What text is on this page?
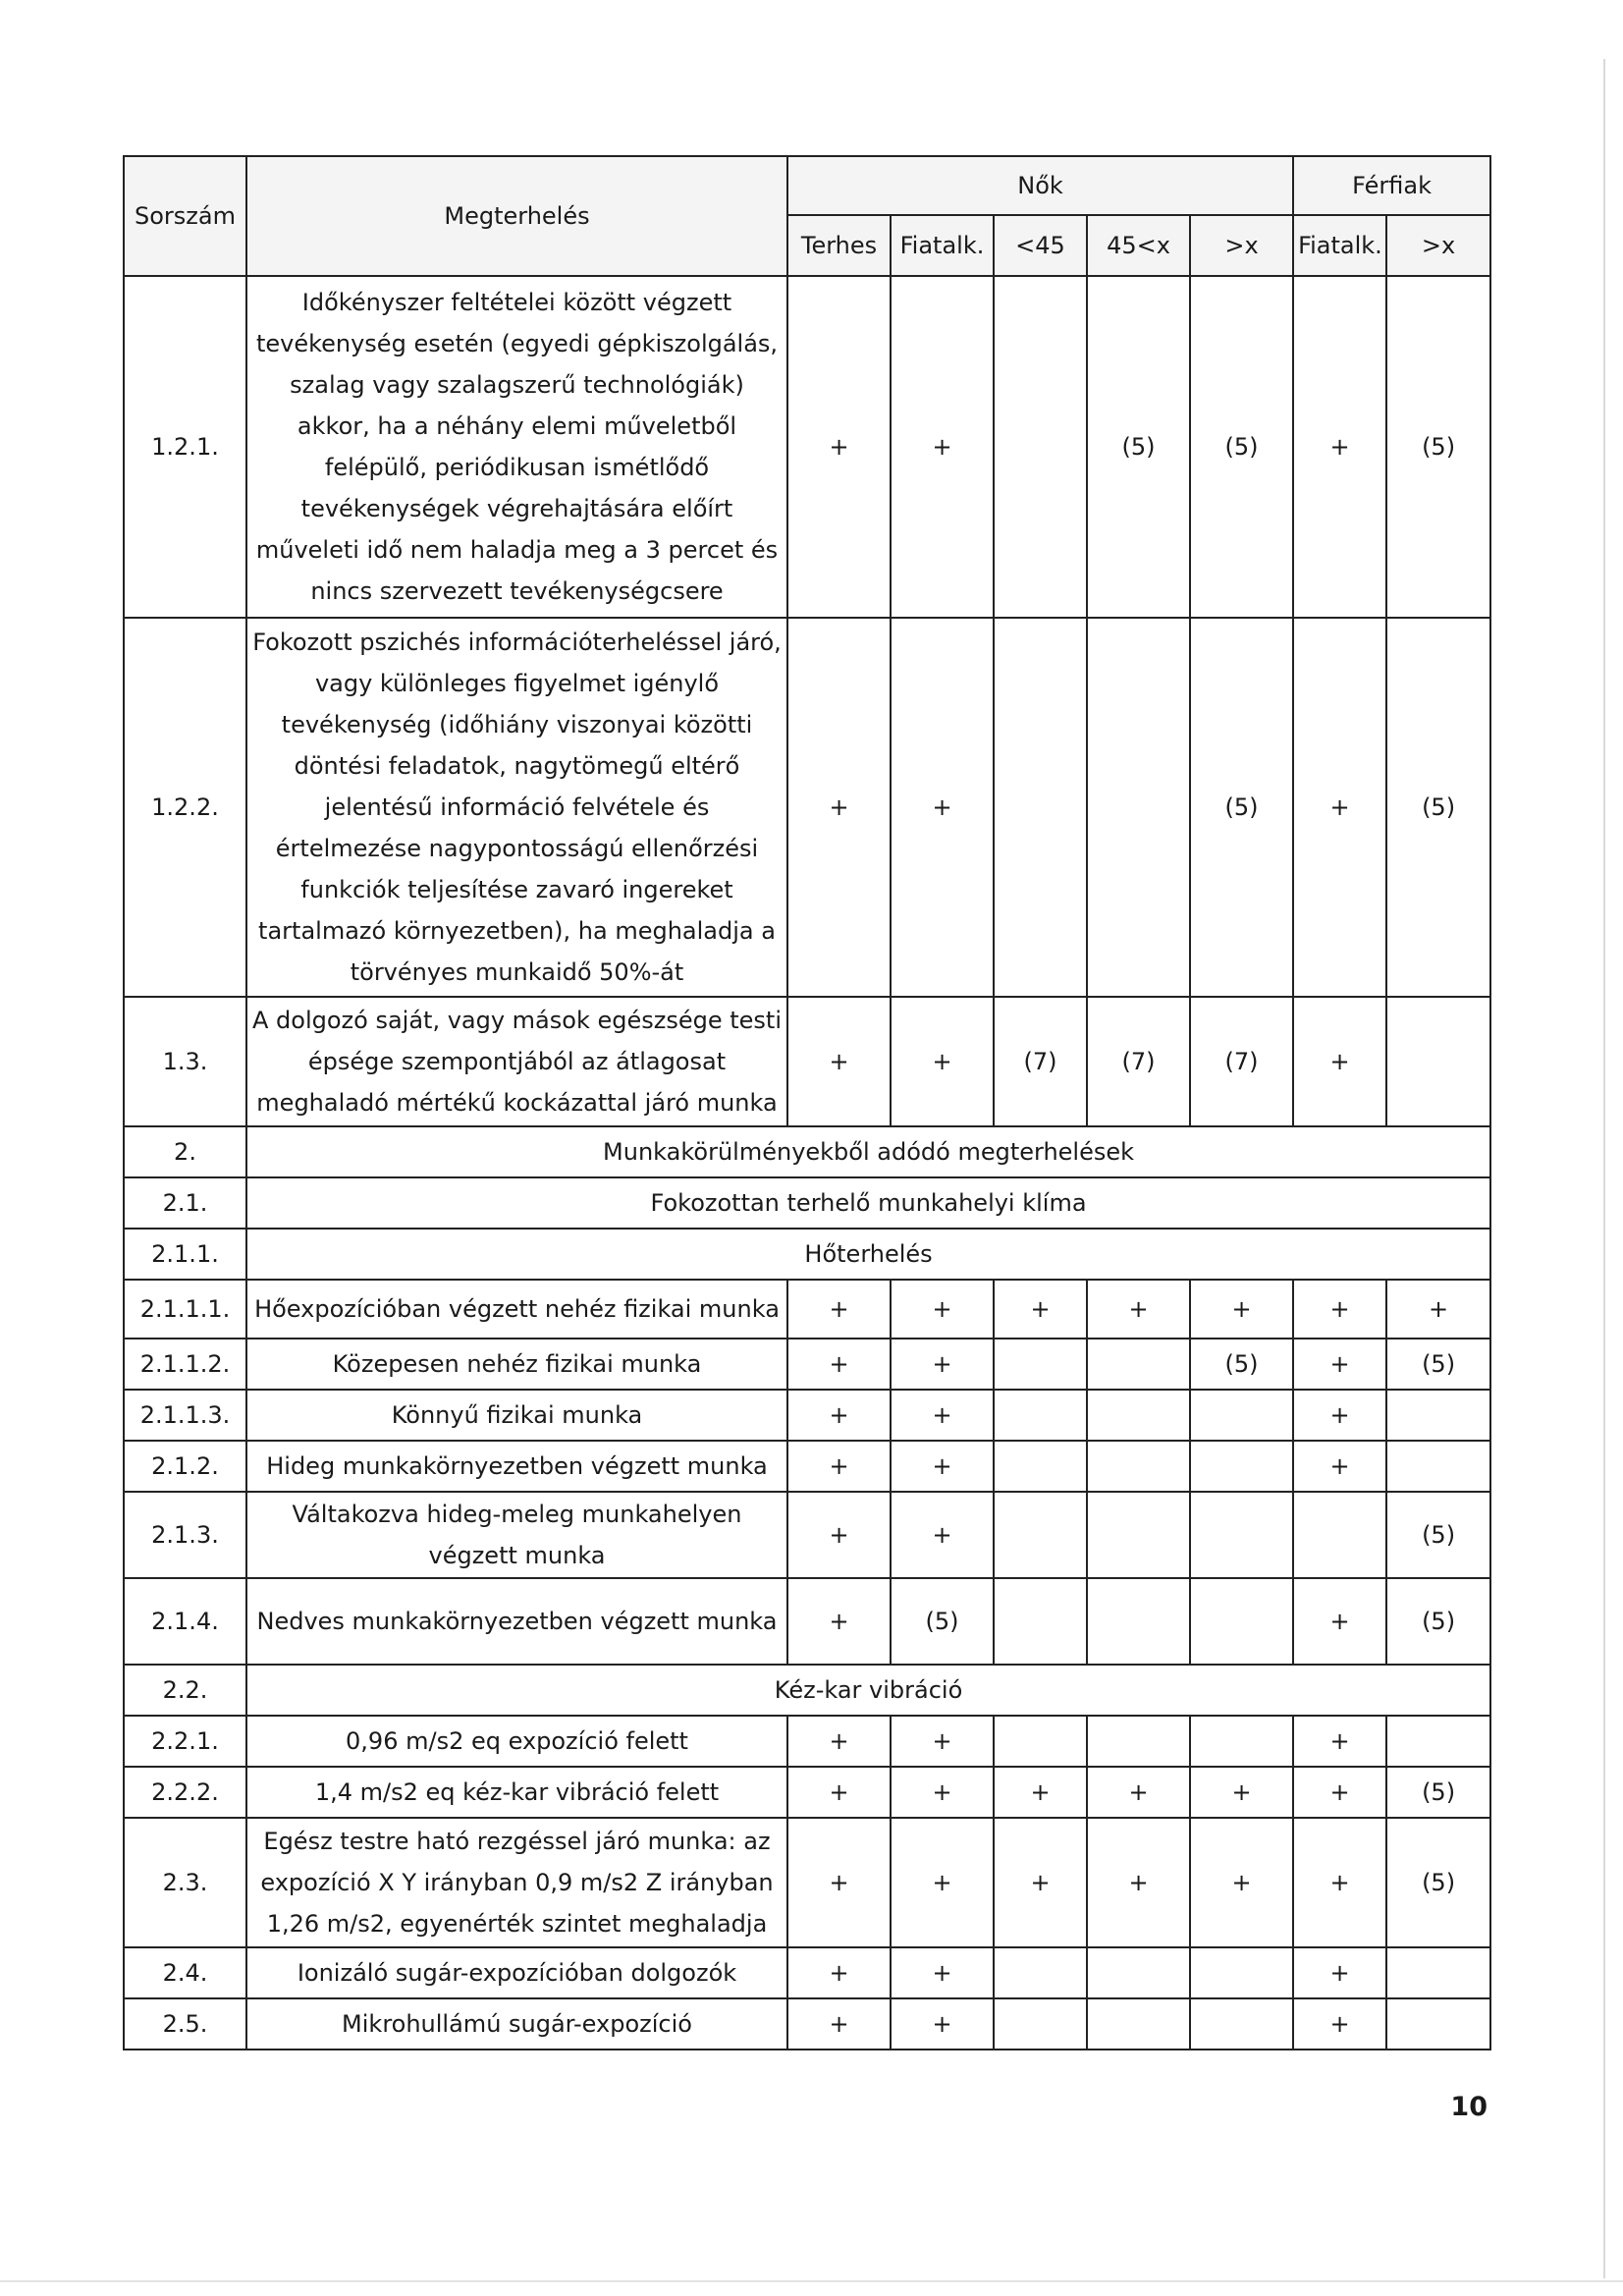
Sorszám	Megterhelés	Nők					Férfiak	
		Terhes	Fiatalk.	<45	45<x	>x	Fiatalk.	>x
1.2.1.	Időkényszer feltételei között végzett tevékenység esetén (egyedi gépkiszolgálás, szalag vagy szalagszerű technológiák) akkor, ha a néhány elemi műveletből felépülő, periódikusan ismétlődő tevékenységek végrehajtására előírt műveleti idő nem haladja meg a 3 percet és nincs szervezett tevékenységcsere	+	+		(5)	(5)	+	(5)
1.2.2.	Fokozott pszichés információterheléssel járó, vagy különleges figyelmet igénylő tevékenység (időhiány viszonyai közötti döntési feladatok, nagytömegű eltérő jelentésű információ felvétele és értelmezése nagypontosságú ellenőrzési funkciók teljesítése zavaró ingereket tartalmazó környezetben), ha meghaladja a törvényes munkaidő 50%-át	+	+			(5)	+	(5)
1.3.	A dolgozó saját, vagy mások egészsége testi épsége szempontjából az átlagosat meghaladó mértékű kockázattal járó munka	+	+	(7)	(7)	(7)	+	
2.	Munkakörülményekből adódó megterhelések							
2.1.	Fokozottan terhelő munkahelyi klíma							
2.1.1.	Hőterhelés							
2.1.1.1.	Hőexpozícióban végzett nehéz fizikai munka	+	+	+	+	+	+	+
2.1.1.2.	Közepesen nehéz fizikai munka	+	+			(5)	+	(5)
2.1.1.3.	Könnyű fizikai munka	+	+				+	
2.1.2.	Hideg munkakörnyezetben végzett munka	+	+				+	
2.1.3.	Váltakozva hideg-meleg munkahelyen végzett munka	+	+					(5)
2.1.4.	Nedves munkakörnyezetben végzett munka	+	(5)				+	(5)
2.2.	Kéz-kar vibráció							
2.2.1.	0,96 m/s2 eq expozíció felett	+	+				+	
2.2.2.	1,4 m/s2 eq kéz-kar vibráció felett	+	+	+	+	+	+	(5)
2.3.	Egész testre ható rezgéssel járó munka: az expozíció X Y irányban 0,9 m/s2 Z irányban 1,26 m/s2, egyenérték szintet meghaladja	+	+	+	+	+	+	(5)
2.4.	Ionizáló sugár-expozícióban dolgozók	+	+				+	
2.5.	Mikrohullámú sugár-expozíció	+	+				+	
10
